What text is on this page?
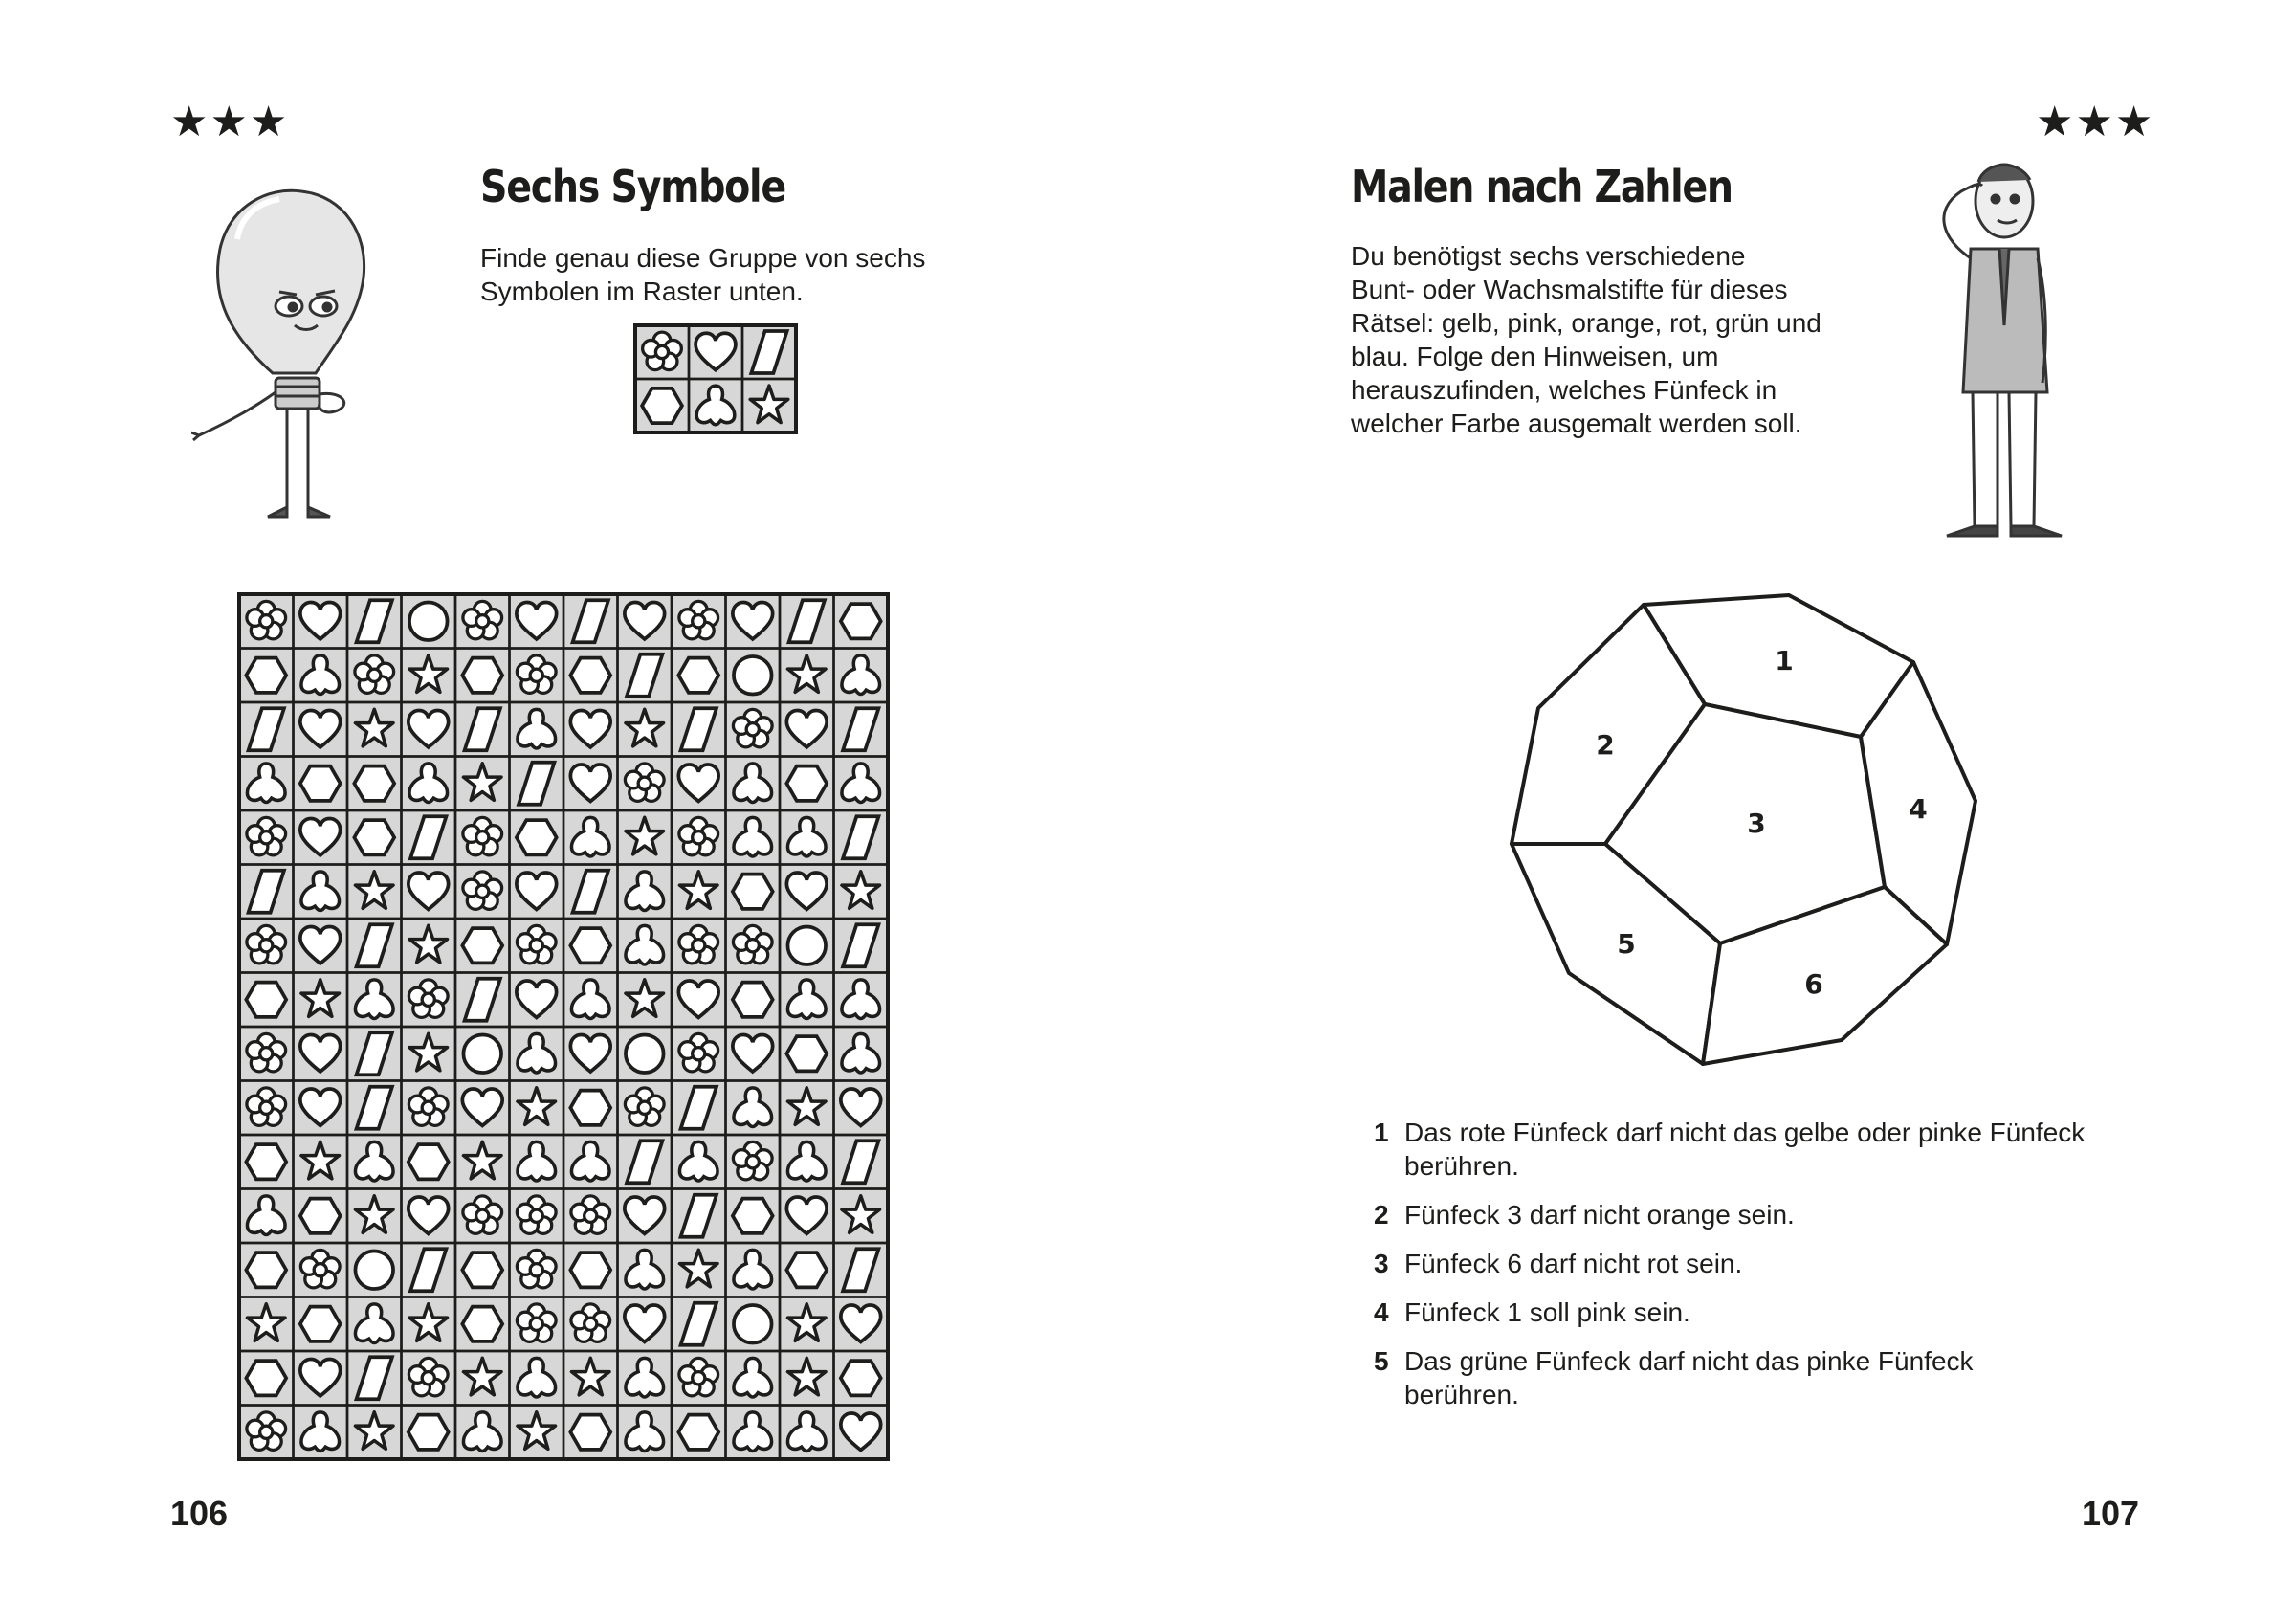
★★★
Sechs Symbole
Finde genau diese Gruppe von sechs
Symbolen im Raster unten.
106
★★★
Malen nach Zahlen
Du benötigst sechs verschiedene
Bunt- oder Wachsmalstifte für dieses
Rätsel: gelb, pink, orange, rot, grün und
blau. Folge den Hinweisen, um
herauszufinden, welches Fünfeck in
welcher Farbe ausgemalt werden soll.
1
2
3	4
5
6
1 Das rote Fünfeck darf nicht das gelbe oder pinke Fünfeck berühren.
2 Fünfeck 3 darf nicht orange sein.
3 Fünfeck 6 darf nicht rot sein.
4 Fünfeck 1 soll pink sein.
5 Das grüne Fünfeck darf nicht das pinke Fünfeck berühren.
107
